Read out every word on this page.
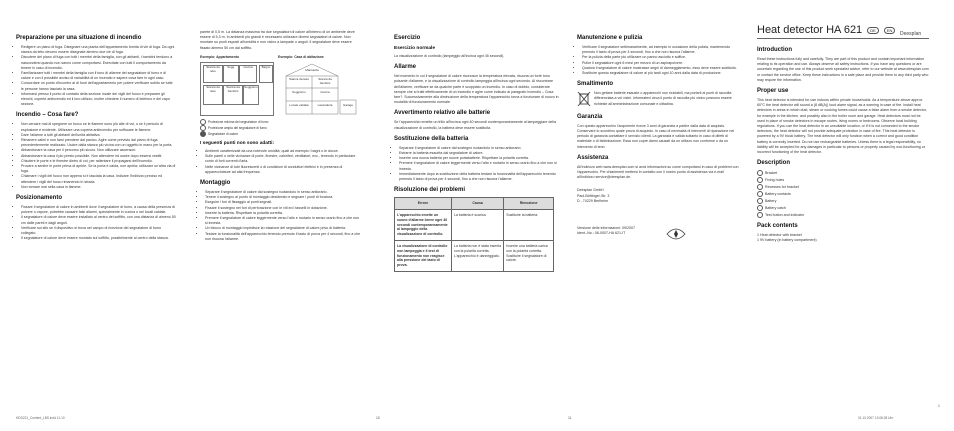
Preparazione per una situazione di incendio
• Redigere un piano di fuga. Disegnare una pianta dell'appartamento fornita di vie di fuga. Da ogni stanza da letto devono essere disegnate almeno due vie di fuga.
• Discutere del piano di fuga con tutti i membri della famiglia, con gli abitanti, i bambini tendono a nascondersi quando non sanno come comportarsi. Esercitate con tutti il comportamento da tenere in caso di incendio.
• Familiarizzare tutti i membri della famiglia con il tono di allarme del segnalatore di fumo e di calore e con il possibile avviso di variabilità di un incendio e sapere cosa fare in ogni caso.
• Concordare un punto d'incontro al di fuori dell'appartamento per potere verificare subito se tutte le persone hanno lasciato la casa.
• Informarsi presso il punto di contatto della sezione locale dei vigili del fuoco e preparare gli elenchi, coperte antincendio ed il loro utilizzo, inoltre chiedere il numero di telefono e del capo sezione.
Incendio – Cosa fare?
• Non cercare mai di spegnere un fuoco se le fiamme sono più alte di voi, o se il pericolo di esplosione è evidente. Utilizzare una coperta antincendio per soffocare le fiamme.
• Dare l'allarme a tutti gli abitanti dell'unità abitativa.
• Rimanere calmi e non farsi prendere dal panico. Agire come previsto dal piano di fuga precedentemente realizzato. Uscire dalla stanza più vicina con un oggetto in mano per la porta.
• Abbandonare la casa per il percorso più sicuro. Non utilizzare ascensori.
• Abbandonare la casa il più presto possibile. Non attendere ed uscire dopo essersi vestiti.
• Chiudere le porte e le finestre dietro di voi, per rallentare il propagarsi dell'incendio.
• Provare a sentire le porte prima di aprirle. Se la porta è calda, non aprirla; utilizzare un'altra via di fuga.
• Chiamare i vigili del fuoco non appena si è lasciata la casa. Indicare l'indirizzo preciso ed attendere i vigili del fuoco rimanendo in strada.
• Non tornare mai nella casa in fiamme.
Posizionamento
• Fissare il segnalatore di calore in ambienti dove il segnalatore di fumo, a causa della presenza di polvere o vapore, potrebbe causare falsi allarmi, specialmente in cucina o nei locali caldaie.
• Il segnalatore di calore deve essere installato al centro del soffitto, con una distanza di almeno 50 cm dalle pareti e dagli angoli.
• Verificare sul sito se il dispositivo si trova nel campo di ricezione del segnalatore di fumo collegato.
• Il segnalatore di calore deve essere montato sul soffitto, possibilmente al centro della stanza.

parete di 0,5 m. La distanza massima tra due segnalatori di calore all'interno di un ambiente deve essere di 5,3 m. In ambienti più grandi è necessario utilizzare diversi segnalatori di calore. Non montare su punti esposti all'umidità e non vicino a lampade o angoli. Il segnalatore deve essere fissato almeno 50 cm dal soffitto.

Esempio: Appartamento
Stanza da letto
Sogg.	Cucina
Stanza da letto
Stanza da bambini
Soggiorno
Bagno
Esempio: Casa di abitazione
Mansarda
Stanza da letto	Stanza da bambini
Soggiorno	Cucina
Locale caldaia	Lavanderia	Garage
Protezione minima del segnalatore di fumo
Protezione ampia del segnalatore di fumo
Segnalatore di calore
I seguenti punti non sono adatti:
• Ambienti caratterizzati da una notevole umidità, quali ad esempio i bagni o le docce.
• Sulle pareti o nelle vicinanze di porte, finestre, caloriferi, ventilatori, ecc., tenendo in particolare conto di forti correnti d'aria.
• Nelle vicinanze di tubi fluorescenti o di condizioni di conduttori elettrici e in presenza di apparecchiature ad alta frequenza.
Montaggio
• Separare il segnalatore di calore dal sostegno ruotandolo in senso antiorario.
• Tenere il sostegno al punto di montaggio desiderato e segnare i punti di foratura.
• Eseguire i fori di fissaggio ai punti segnati.
• Fissare il sostegno nei fori di perforazione con le viti ed i tasselli in dotazione.
• Inserire la batteria. Rispettare la polarità corretta.
• Premere il segnalatore di calore leggermente verso l'alto e ruotarlo in senso orario fino a che non si innesta.
• Un blocco di montaggio impedisce la rotazione del segnalatore di calore privo di batteria.
• Testare la funzionalità dell'apparecchio tenendo premuto il tasto di prova per 4 secondi, fino a che non risuona l'allarme.
Esercizio
Esercizio normale

La visualizzazione di controllo (lampeggio all'incirca ogni 45 secondi).

Allarme

Nel momento in cui il segnalatore di calore riconosce la temperatura elevata, risuona un forte tono pulsante d'allarme, e la visualizzazione di controllo lampeggia all'incirca ogni secondo. Al riscontrare dell'allarme, verificare se da qualche parte è scoppiato un incendio. In caso di dubbio, considerare sempre che si tratti effettivamente di un incendio e agire come indicato al paragrafo Incendio – Cosa fare?. Successivamente alla diminuzione della temperatura l'apparecchio torna a funzionare di nuovo in modalità di funzionamento normale.

Avvertimento relativo alle batterie

Se l'apparecchio emette un trillo all'incirca ogni 40 secondi contemporaneamente al lampeggiare della visualizzazione di controllo, la batteria deve essere sostituita.

Sostituzione della batteria
• Separare il segnalatore di calore dal sostegno ruotandolo in senso antiorario.
• Estrarre la batteria esaurita dal segnalatore di calore.
• Inserire una nuova batteria per nuove portabatterie. Rispettare la polarità corretta.
• Premere il segnalatore di calore leggermente verso l'alto e ruotarlo in senso orario fino a che non si innesta.
• Immediatamente dopo la sostituzione della batteria testare la funzionalità dell'apparecchio tenendo premuto il tasto di prova per 4 secondi, fino a che non risuona l'allarme.
Risoluzione dei problemi
Errore	Causa	Rimozione
L'apparecchio emette un suono d'allarme breve ogni 40 secondi contemporaneamente al lampeggio della visualizzazione di controllo.	La batteria è scarica.	Sostituire la batteria.
La visualizzazione di controllo non lampeggia e il test di funzionamento non reagisce alla pressione del tasto di prova.	La batteria non è stata inserita con la polarità corretta. L'apparecchio è danneggiato.	Inserire una batteria carica con la polarità corretta. Sostituire il segnalatore di calore.
Manutenzione e pulizia
• Verificare il segnalatore settimanalmente, ad esempio in occasione della pulizia, mantenendo premuto il tasto di prova per 4 secondi, fino a che non risuona l'allarme.
• Per la pulizia della parte più utilizzare un panno asciutto e soffice.
• Pulire il segnalatore ogni 6 mesi per mezzo di un aspirapolvere.
• Qualora il segnalatore di calore mostrasse segni di danneggiamento, esso deve essere sostituito.
• Sostituire questo segnalatore di calore al più tardi ogni 10 anni dalla data di produzione.
Smaltimento

Non gettare batterie esauste o apparecchi non riciclabili, ma portarli ai punti di raccolta differenziata a voi vicini. Informatevi circa il punto di raccolta più vicino possono essere richieste all'amministrazione comunale e cittadina.

Garanzia

Con questo apparecchio l'acquirente riceve 3 anni di garanzia a partire dalla data di acquisto. Conservare lo scontrino quale prova di acquisto. In caso di necessità di interventi di riparazione nel periodo di garanzia contattare il servizio clienti. La garanzia è valida soltanto in caso di difetti di materiale o di fabbricazione. Essa non copre danni causati da un utilizzo non conforme o da un intervento di terzi.

Assistenza

All'indirizzo web www.deesplan.com si avrà informazioni su come comportarsi in caso di problemi con l'apparecchio. Per chiarimenti mettersi in contatto con il nostro punto di assistenza via e-mail all'indirizzo service@deesplan.de.

Deesplan GmbH
Paul-Böttinger-Str. 3
D - 74229 Berlheim
Versione delle informazioni: 09/2007
Ident.-No.: 08-0007-HA 621-IT
Heat detector HA 621 DE	EN
Deesplan
Introduction

Read these instructions fully and carefully. They are part of this product and contain important information relating to its operation and use. Always observe all safety instructions. If you have any questions or are uncertain regarding the use of this product seek specialist advice, refer to our website at www.deesplan.com or contact the service office. Keep these instructions in a safe place and provide them to any third party who may require the information.

Proper use

This heat detector is intended for use indoors within private households. As a temperature above approx 60°C the heat detector will sound a (8 dB(A)) loud alarm signal, as a warning in case of fire. Install heat detectors in areas in which dust, steam or cooking fumes could cause a false alarm from a smoke detector, for example in the kitchen, and possibly also in the boiler room and garage. Heat detectors must not be used in place of smoke detectors in escape routes, living rooms or bedrooms. Observe local building regulations. If you use the heat detector in an unsuitable location, or if it is not connected to the smoke detectors, the heat detector will not provide adequate protection in case of fire. This heat detector is powered by a 9V block battery. The heat detector will only function when a correct and good condition battery is correctly inserted. Do not use rechargeable batteries. Unless there is a legal responsibility, no liability will be accepted for any damages in particular to persons or property caused by non-functioning or incorrect functioning of the heat detector.

Description
Bracket
Fixing holes
Recesses for bracket
Battery contacts
Battery
Battery catch
Test button and indicator
Pack contents
1 Heat detector with bracket
1 9V battery (in battery compartment)
HDD221_Content_LBS.indd 11-10	10	11
1
01.10.2007 13:08:28 Uhr
